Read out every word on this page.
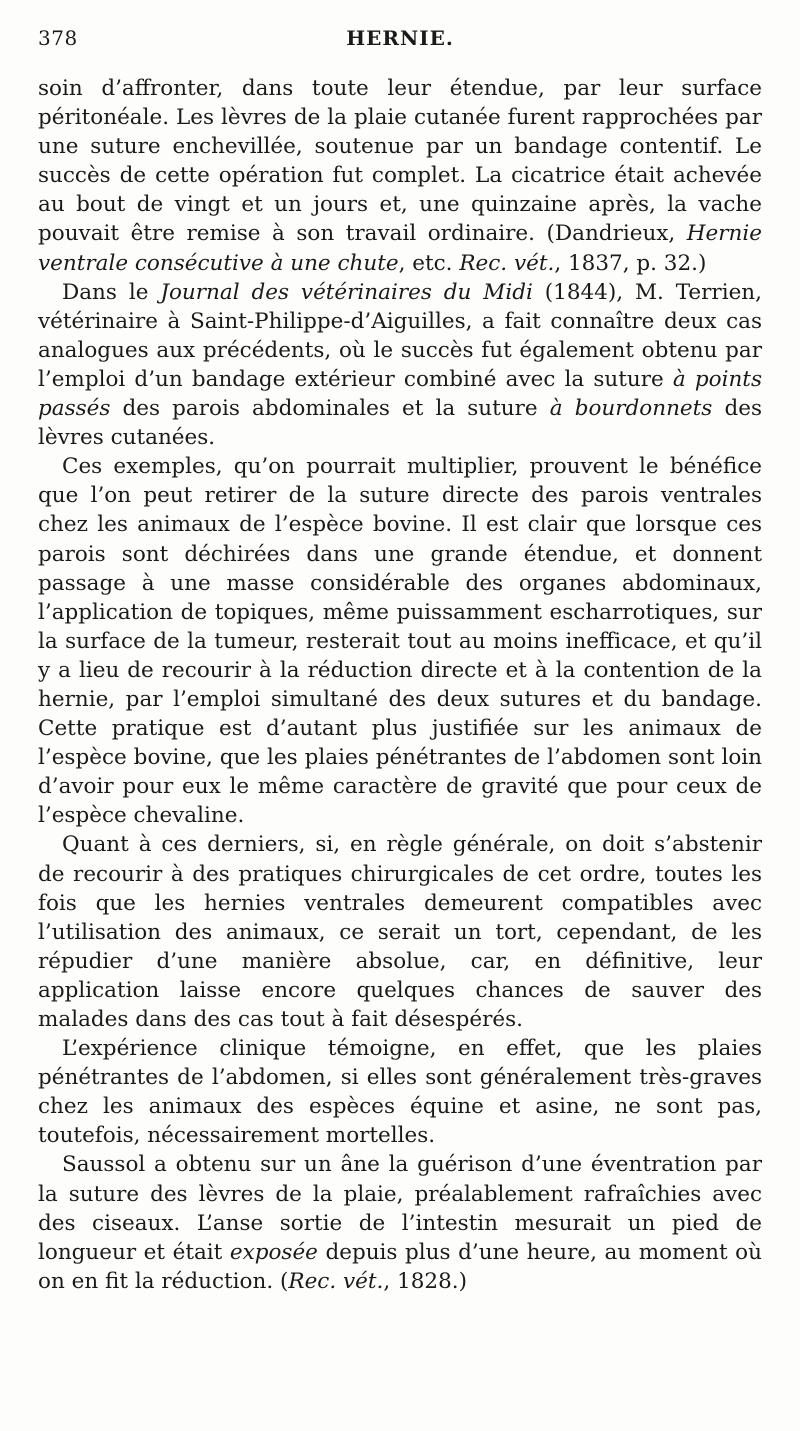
378	HERNIE.

soin d’affronter, dans toute leur étendue, par leur surface péritonéale. Les lèvres de la plaie cutanée furent rapprochées par une suture enchevillée, soutenue par un bandage contentif. Le succès de cette opération fut complet. La cicatrice était achevée au bout de vingt et un jours et, une quinzaine après, la vache pouvait être remise à son travail ordinaire. (Dandrieux, Hernie ventrale consécutive à une chute, etc. Rec. vét., 1837, p. 32.)

Dans le Journal des vétérinaires du Midi (1844), M. Terrien, vétérinaire à Saint-Philippe-d’Aiguilles, a fait connaître deux cas analogues aux précédents, où le succès fut également obtenu par l’emploi d’un bandage extérieur combiné avec la suture à points passés des parois abdominales et la suture à bourdonnets des lèvres cutanées.

Ces exemples, qu’on pourrait multiplier, prouvent le bénéfice que l’on peut retirer de la suture directe des parois ventrales chez les animaux de l’espèce bovine. Il est clair que lorsque ces parois sont déchirées dans une grande étendue, et donnent passage à une masse considérable des organes abdominaux, l’application de topiques, même puissamment escharrotiques, sur la surface de la tumeur, resterait tout au moins inefficace, et qu’il y a lieu de recourir à la réduction directe et à la contention de la hernie, par l’emploi simultané des deux sutures et du bandage. Cette pratique est d’autant plus justifiée sur les animaux de l’espèce bovine, que les plaies pénétrantes de l’abdomen sont loin d’avoir pour eux le même caractère de gravité que pour ceux de l’espèce chevaline.

Quant à ces derniers, si, en règle générale, on doit s’abstenir de recourir à des pratiques chirurgicales de cet ordre, toutes les fois que les hernies ventrales demeurent compatibles avec l’utilisation des animaux, ce serait un tort, cependant, de les répudier d’une manière absolue, car, en définitive, leur application laisse encore quelques chances de sauver des malades dans des cas tout à fait désespérés.

L’expérience clinique témoigne, en effet, que les plaies pénétrantes de l’abdomen, si elles sont généralement très-graves chez les animaux des espèces équine et asine, ne sont pas, toutefois, nécessairement mortelles.

Saussol a obtenu sur un âne la guérison d’une éventration par la suture des lèvres de la plaie, préalablement rafraîchies avec des ciseaux. L’anse sortie de l’intestin mesurait un pied de longueur et était exposée depuis plus d’une heure, au moment où on en fit la réduction. (Rec. vét., 1828.)
